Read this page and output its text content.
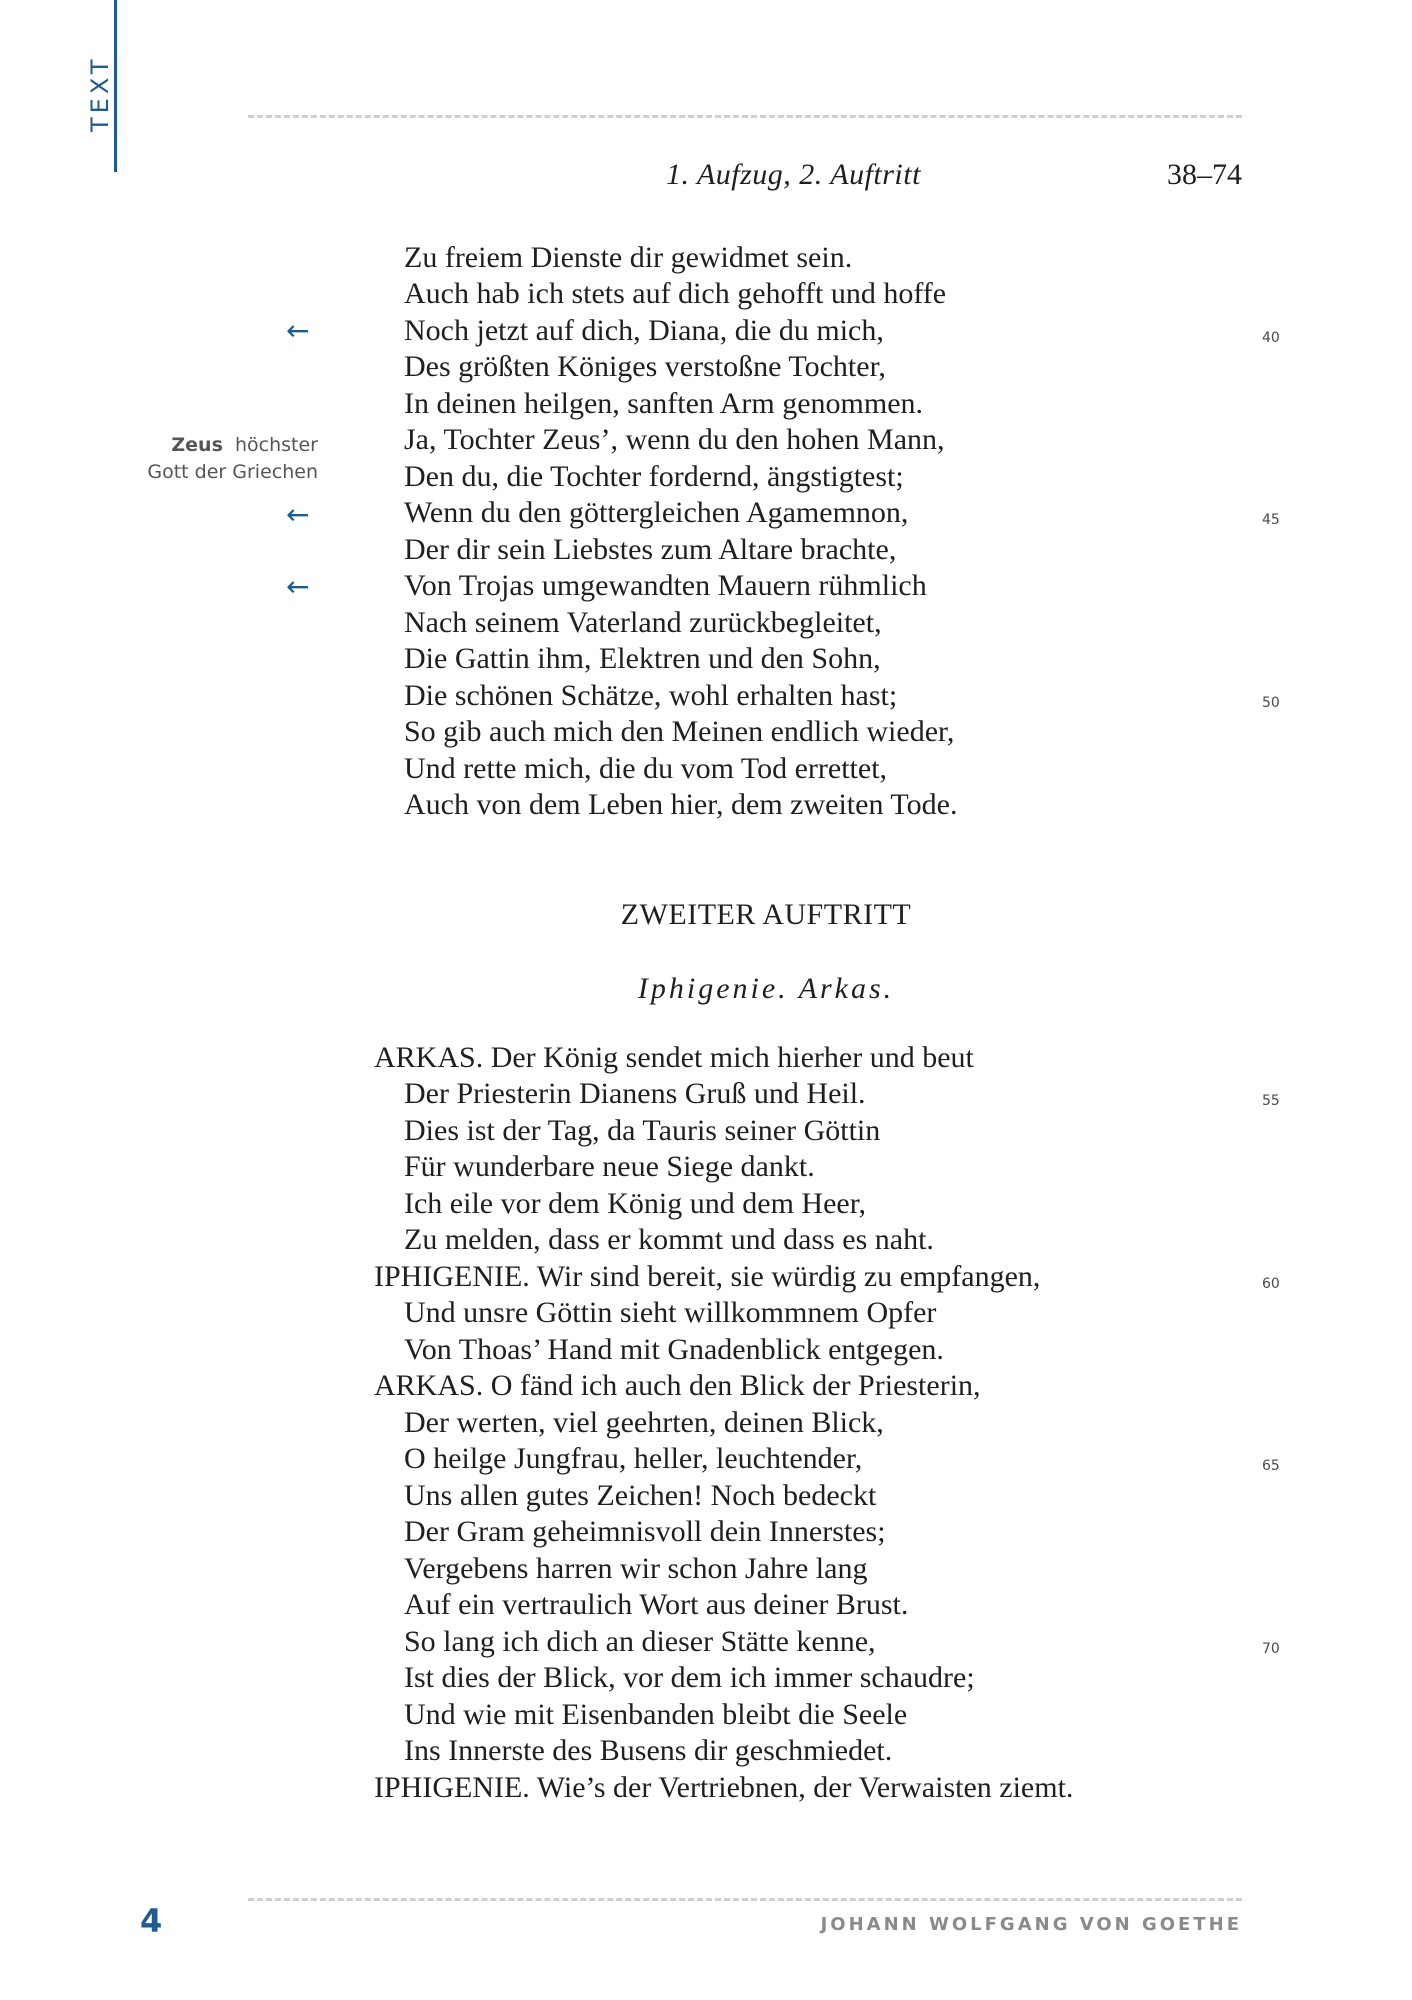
TEXT
1. Aufzug, 2. Auftritt	38–74
Zeus höchster
Gott der Griechen
←
←
←
Zu freiem Dienste dir gewidmet sein.
Auch hab ich stets auf dich gehofft und hoffe
Noch jetzt auf dich, Diana, die du mich,
Des größten Königes verstoßne Tochter,
In deinen heilgen, sanften Arm genommen.
Ja, Tochter Zeus’, wenn du den hohen Mann,
Den du, die Tochter fordernd, ängstigtest;
Wenn du den göttergleichen Agamemnon,
Der dir sein Liebstes zum Altare brachte,
Von Trojas umgewandten Mauern rühmlich
Nach seinem Vaterland zurückbegleitet,
Die Gattin ihm, Elektren und den Sohn,
Die schönen Schätze, wohl erhalten hast;
So gib auch mich den Meinen endlich wieder,
Und rette mich, die du vom Tod errettet,
Auch von dem Leben hier, dem zweiten Tode.
40
45
50
ZWEITER AUFTRITT
Iphigenie. Arkas.
ARKAS. Der König sendet mich hierher und beut
Der Priesterin Dianens Gruß und Heil.
Dies ist der Tag, da Tauris seiner Göttin
Für wunderbare neue Siege dankt.
Ich eile vor dem König und dem Heer,
Zu melden, dass er kommt und dass es naht.
IPHIGENIE. Wir sind bereit, sie würdig zu empfangen,
Und unsre Göttin sieht willkommnem Opfer
Von Thoas’ Hand mit Gnadenblick entgegen.
ARKAS. O fänd ich auch den Blick der Priesterin,
Der werten, viel geehrten, deinen Blick,
O heilge Jungfrau, heller, leuchtender,
Uns allen gutes Zeichen! Noch bedeckt
Der Gram geheimnisvoll dein Innerstes;
Vergebens harren wir schon Jahre lang
Auf ein vertraulich Wort aus deiner Brust.
So lang ich dich an dieser Stätte kenne,
Ist dies der Blick, vor dem ich immer schaudre;
Und wie mit Eisenbanden bleibt die Seele
Ins Innerste des Busens dir geschmiedet.
IPHIGENIE. Wie’s der Vertriebnen, der Verwaisten ziemt.
55
60
65
70
4	JOHANN WOLFGANG VON GOETHE
